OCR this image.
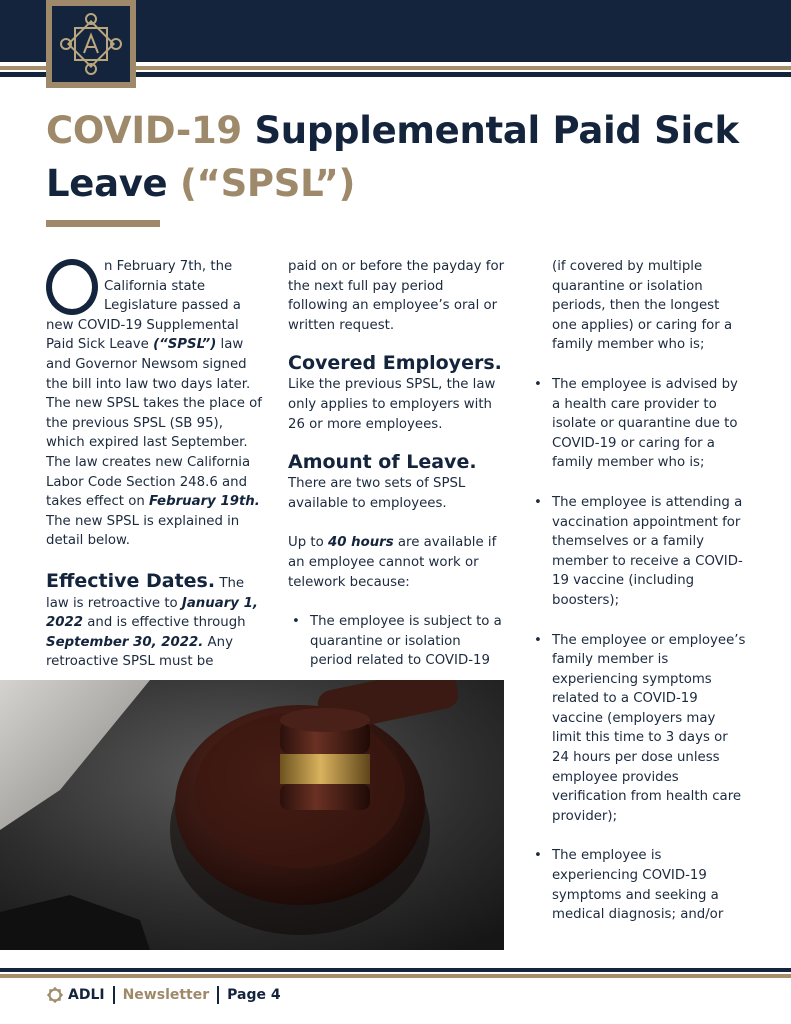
COVID-19 Supplemental Paid Sick Leave (“SPSL”)

n February 7th, the California state Legislature passed a new COVID-19 Supplemental Paid Sick Leave (“SPSL”) law and Governor Newsom signed the bill into law two days later. The new SPSL takes the place of the previous SPSL (SB 95), which expired last September. The law creates new California Labor Code Section 248.6 and takes effect on February 19th. The new SPSL is explained in detail below.

Effective Dates. The law is retroactive to January 1, 2022 and is effective through September 30, 2022. Any retroactive SPSL must be

paid on or before the payday for the next full pay period following an employee’s oral or written request.

Covered Employers.

Like the previous SPSL, the law only applies to employers with 26 or more employees.

Amount of Leave.

There are two sets of SPSL available to employees.

Up to 40 hours are available if an employee cannot work or telework because:

• The employee is subject to a quarantine or isolation period related to COVID-19

(if covered by multiple quarantine or isolation periods, then the longest one applies) or caring for a family member who is;

• The employee is advised by a health care provider to isolate or quarantine due to COVID-19 or caring for a family member who is;
• The employee is attending a vaccination appointment for themselves or a family member to receive a COVID-19 vaccine (including boosters);
• The employee or employee’s family member is experiencing symptoms related to a COVID-19 vaccine (employers may limit this time to 3 days or 24 hours per dose unless employee provides verification from health care provider);
• The employee is experiencing COVID-19 symptoms and seeking a medical diagnosis; and/or
ADLI Newsletter Page 4
